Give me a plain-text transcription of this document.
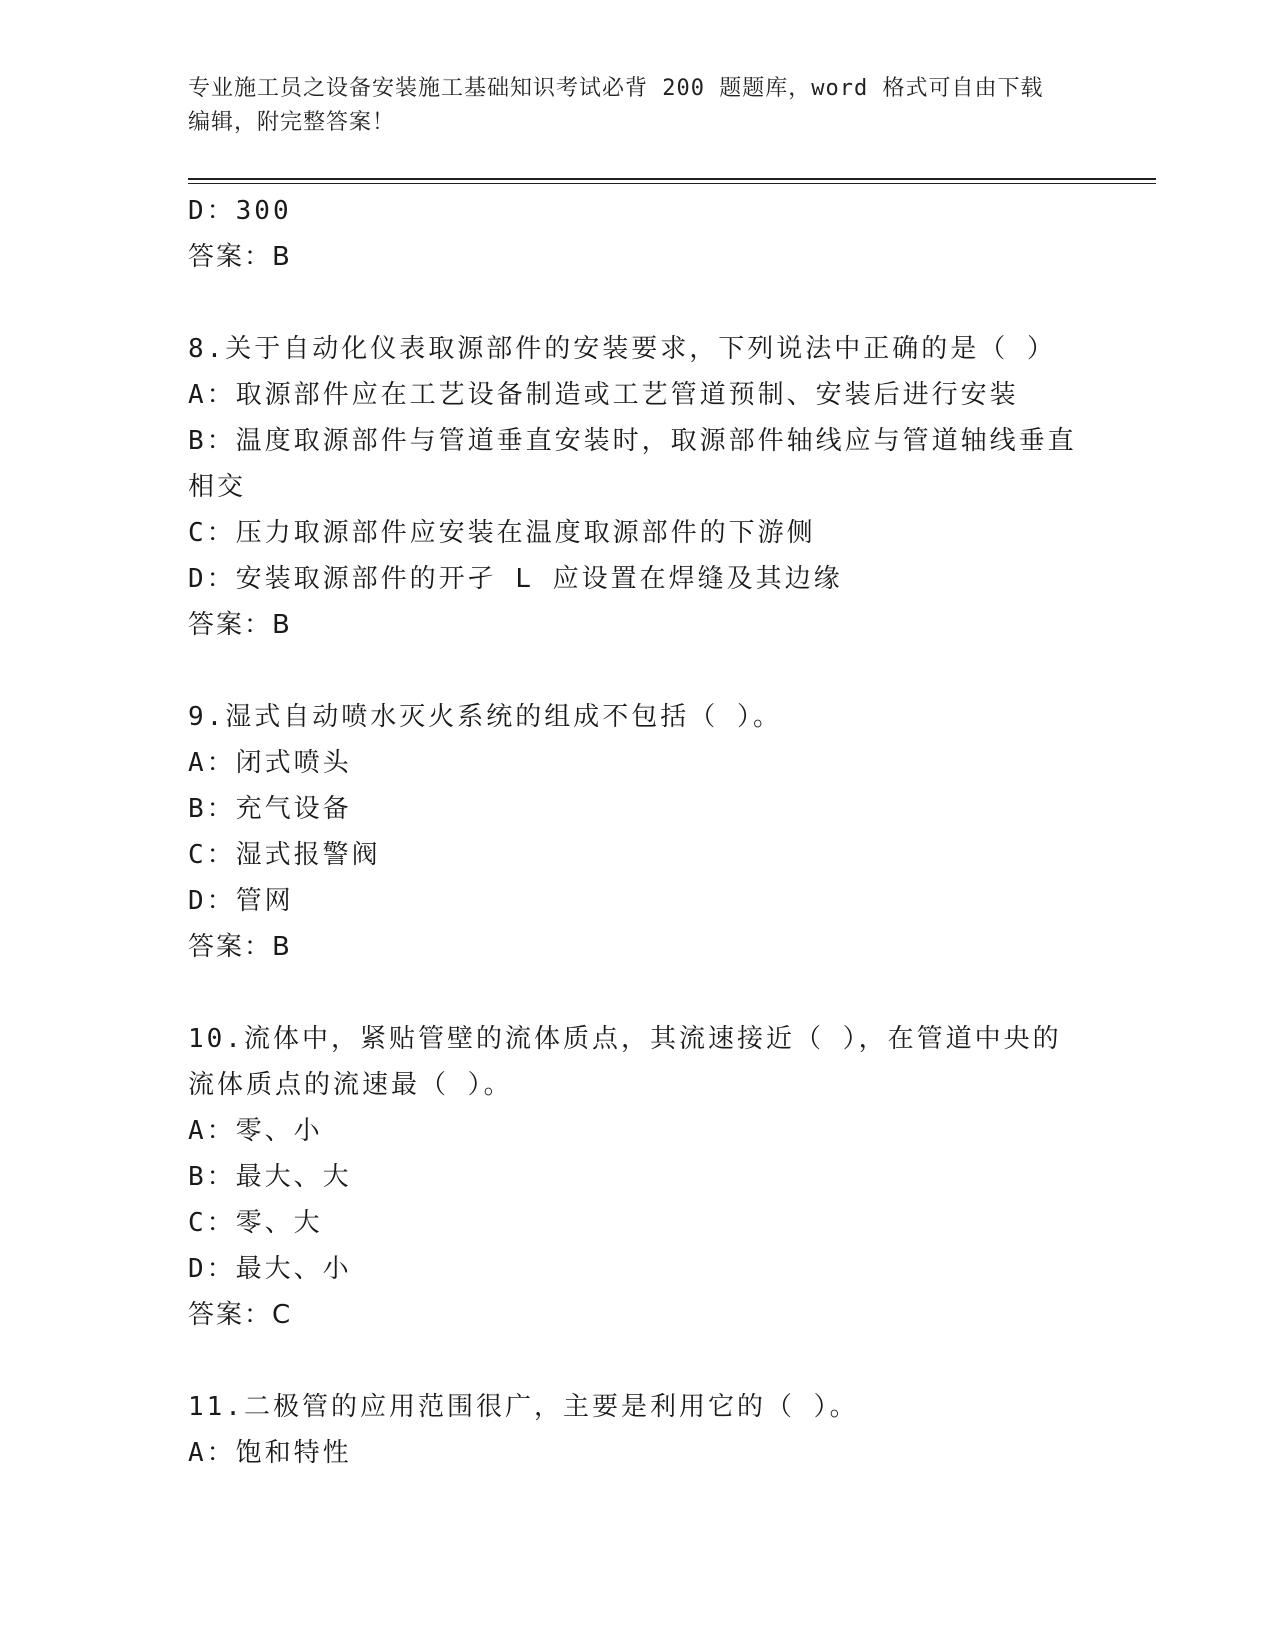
专业施工员之设备安装施工基础知识考试必背 200 题题库，word 格式可自由下载
编辑，附完整答案！
D：300
答案：B
8.关于自动化仪表取源部件的安装要求，下列说法中正确的是（ ）
A：取源部件应在工艺设备制造或工艺管道预制、安装后进行安装
B：温度取源部件与管道垂直安装时，取源部件轴线应与管道轴线垂直
相交
C：压力取源部件应安装在温度取源部件的下游侧
D：安装取源部件的开孑 L 应设置在焊缝及其边缘
答案：B
9.湿式自动喷水灭火系统的组成不包括（ ）。
A：闭式喷头
B：充气设备
C：湿式报警阀
D：管网
答案：B
10.流体中，紧贴管壁的流体质点，其流速接近（ ），在管道中央的
流体质点的流速最（ ）。
A：零、小
B：最大、大
C：零、大
D：最大、小
答案：C
11.二极管的应用范围很广，主要是利用它的（ ）。
A：饱和特性
